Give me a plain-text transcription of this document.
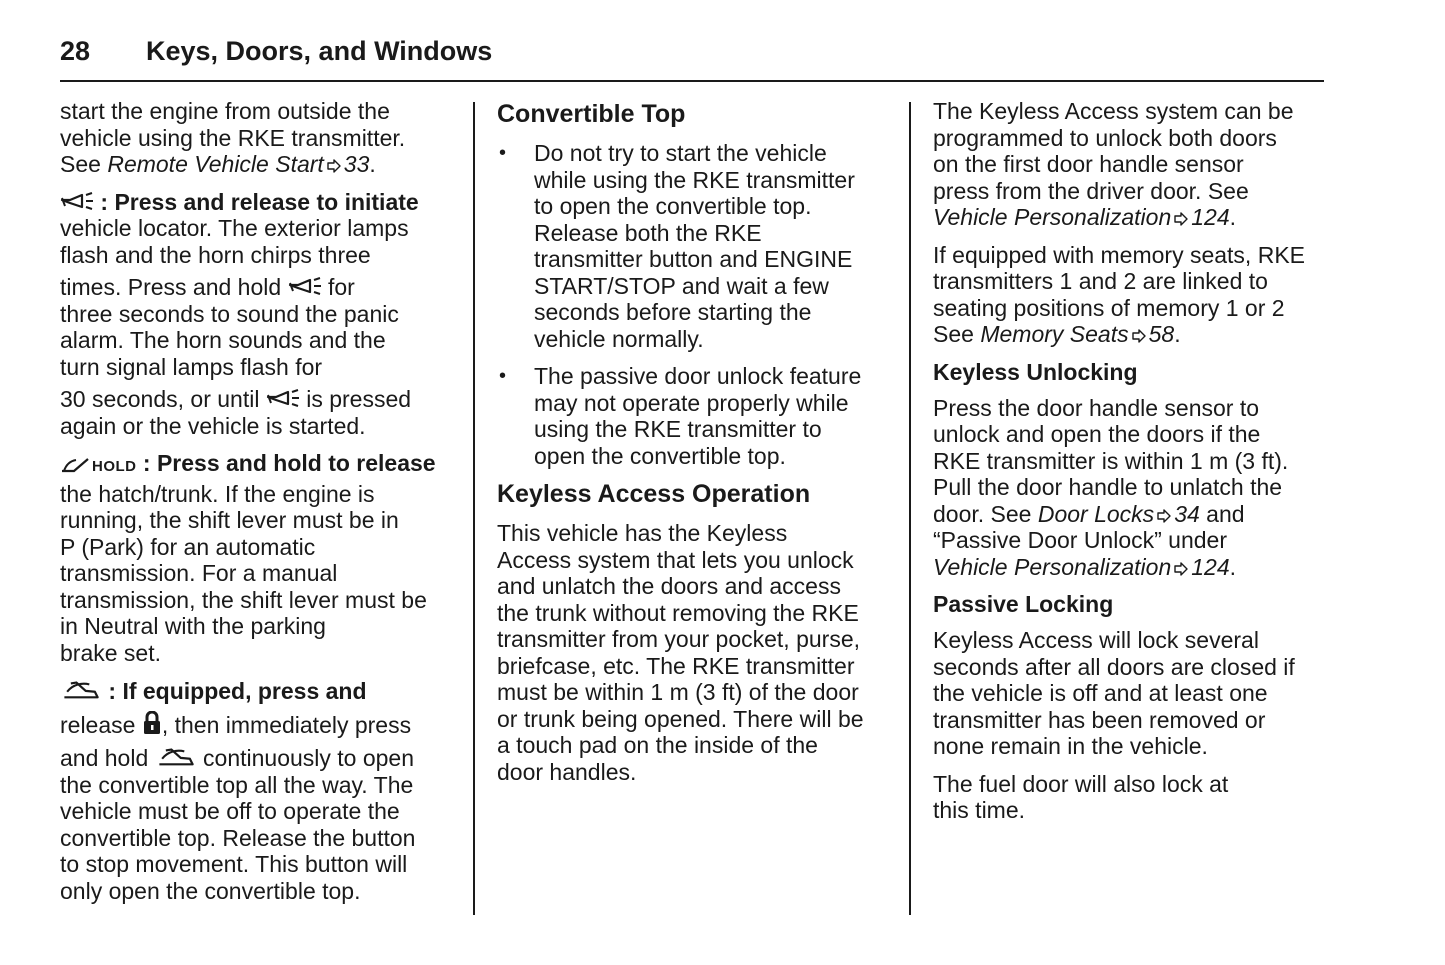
28 Keys, Doors, and Windows

start the engine from outside the
vehicle using the RKE transmitter.
See Remote Vehicle Start 33.

: Press and release to initiate
vehicle locator. The exterior lamps
flash and the horn chirps three
times. Press and hold  for
three seconds to sound the panic
alarm. The horn sounds and the
turn signal lamps flash for
30 seconds, or until  is pressed
again or the vehicle is started.

HOLD : Press and hold to release
the hatch/trunk. If the engine is
running, the shift lever must be in
P (Park) for an automatic
transmission. For a manual
transmission, the shift lever must be
in Neutral with the parking
brake set.

: If equipped, press and
release , then immediately press
and hold  continuously to open
the convertible top all the way. The
vehicle must be off to operate the
convertible top. Release the button
to stop movement. This button will
only open the convertible top.

Convertible Top
• Do not try to start the vehicle
while using the RKE transmitter
to open the convertible top.
Release both the RKE
transmitter button and ENGINE
START/STOP and wait a few
seconds before starting the
vehicle normally.
• The passive door unlock feature
may not operate properly while
using the RKE transmitter to
open the convertible top.
Keyless Access Operation

This vehicle has the Keyless
Access system that lets you unlock
and unlatch the doors and access
the trunk without removing the RKE
transmitter from your pocket, purse,
briefcase, etc. The RKE transmitter
must be within 1 m (3 ft) of the door
or trunk being opened. There will be
a touch pad on the inside of the
door handles.

The Keyless Access system can be
programmed to unlock both doors
on the first door handle sensor
press from the driver door. See
Vehicle Personalization 124.

If equipped with memory seats, RKE
transmitters 1 and 2 are linked to
seating positions of memory 1 or 2
See Memory Seats 58.

Keyless Unlocking

Press the door handle sensor to
unlock and open the doors if the
RKE transmitter is within 1 m (3 ft).
Pull the door handle to unlatch the
door. See Door Locks 34 and
“Passive Door Unlock” under
Vehicle Personalization 124.

Passive Locking

Keyless Access will lock several
seconds after all doors are closed if
the vehicle is off and at least one
transmitter has been removed or
none remain in the vehicle.

The fuel door will also lock at
this time.
